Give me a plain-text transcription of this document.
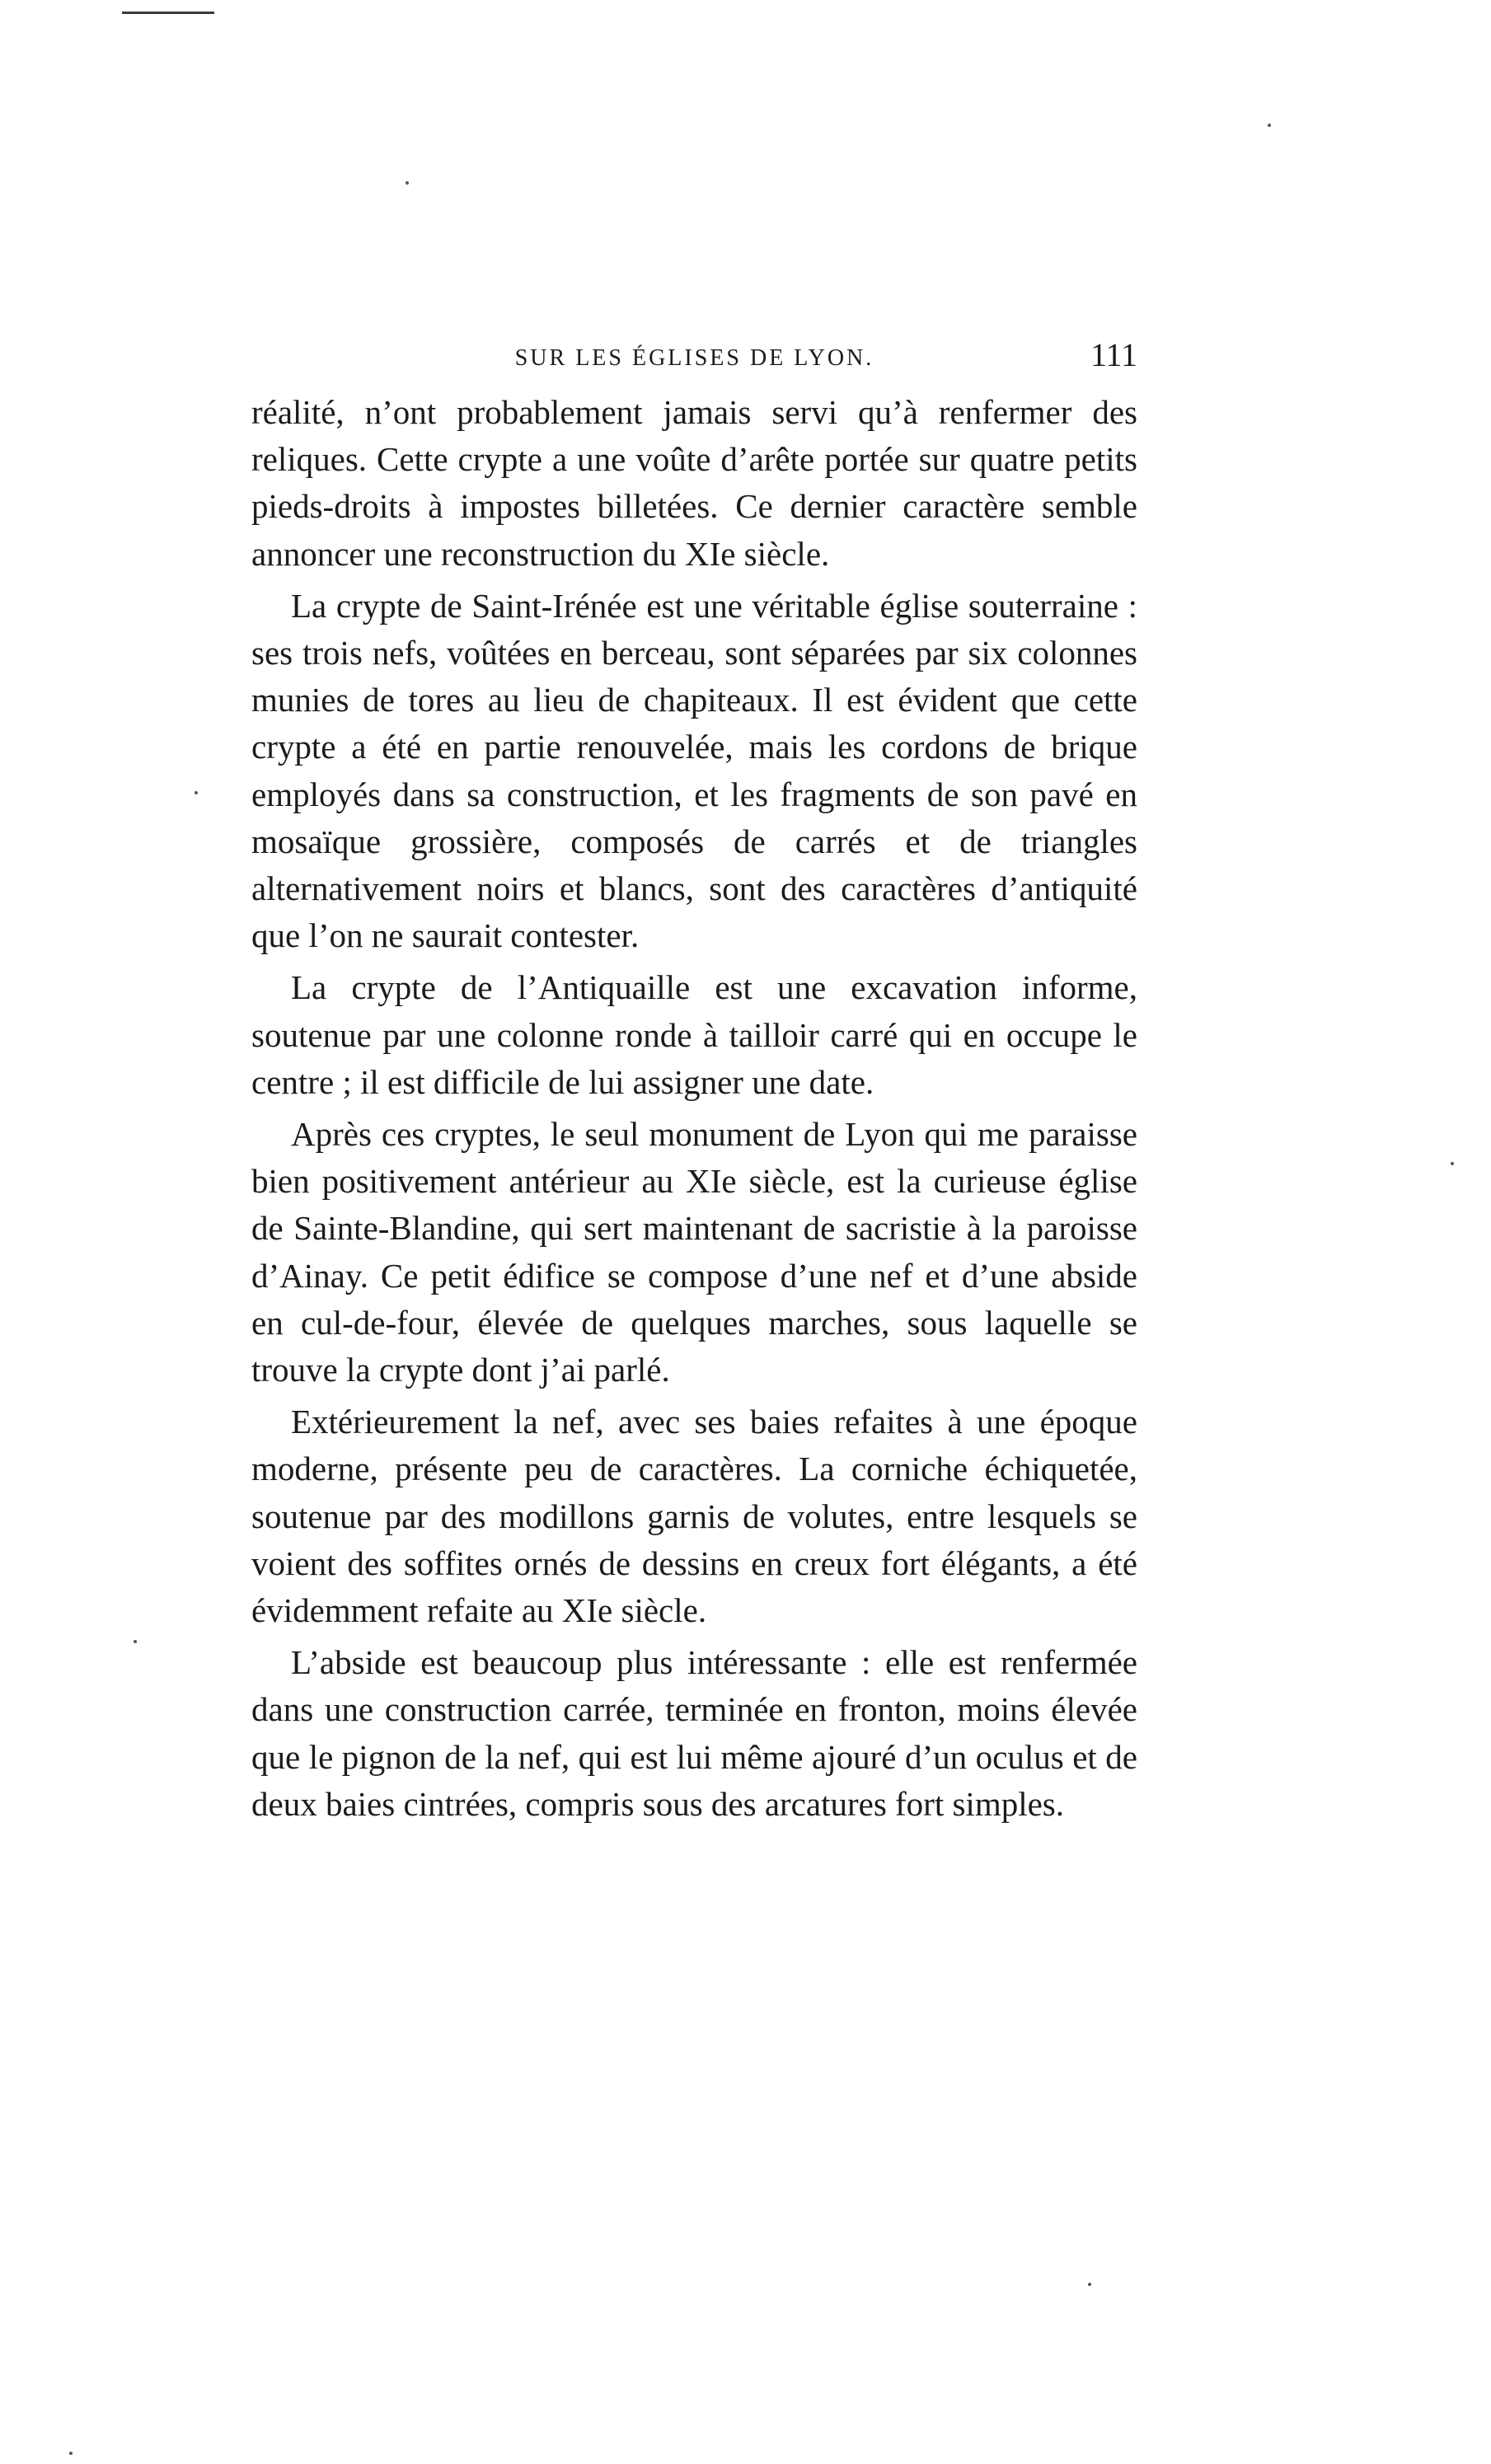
SUR LES ÉGLISES DE LYON.	111

réalité, n’ont probablement jamais servi qu’à renfermer des reliques. Cette crypte a une voûte d’arête portée sur quatre petits pieds-droits à impostes billetées. Ce dernier caractère semble annoncer une reconstruction du XIe siècle.

La crypte de Saint-Irénée est une véritable église souterraine : ses trois nefs, voûtées en berceau, sont séparées par six colonnes munies de tores au lieu de chapiteaux. Il est évident que cette crypte a été en partie renouvelée, mais les cordons de brique employés dans sa construction, et les fragments de son pavé en mosaïque grossière, composés de carrés et de triangles alternativement noirs et blancs, sont des caractères d’antiquité que l’on ne saurait contester.

La crypte de l’Antiquaille est une excavation informe, soutenue par une colonne ronde à tailloir carré qui en occupe le centre ; il est difficile de lui assigner une date.

Après ces cryptes, le seul monument de Lyon qui me paraisse bien positivement antérieur au XIe siècle, est la curieuse église de Sainte-Blandine, qui sert maintenant de sacristie à la paroisse d’Ainay. Ce petit édifice se compose d’une nef et d’une abside en cul-de-four, élevée de quelques marches, sous laquelle se trouve la crypte dont j’ai parlé.

Extérieurement la nef, avec ses baies refaites à une époque moderne, présente peu de caractères. La corniche échiquetée, soutenue par des modillons garnis de volutes, entre lesquels se voient des soffites ornés de dessins en creux fort élégants, a été évidemment refaite au XIe siècle.

L’abside est beaucoup plus intéressante : elle est renfermée dans une construction carrée, terminée en fronton, moins élevée que le pignon de la nef, qui est lui même ajouré d’un oculus et de deux baies cintrées, compris sous des arcatures fort simples.
